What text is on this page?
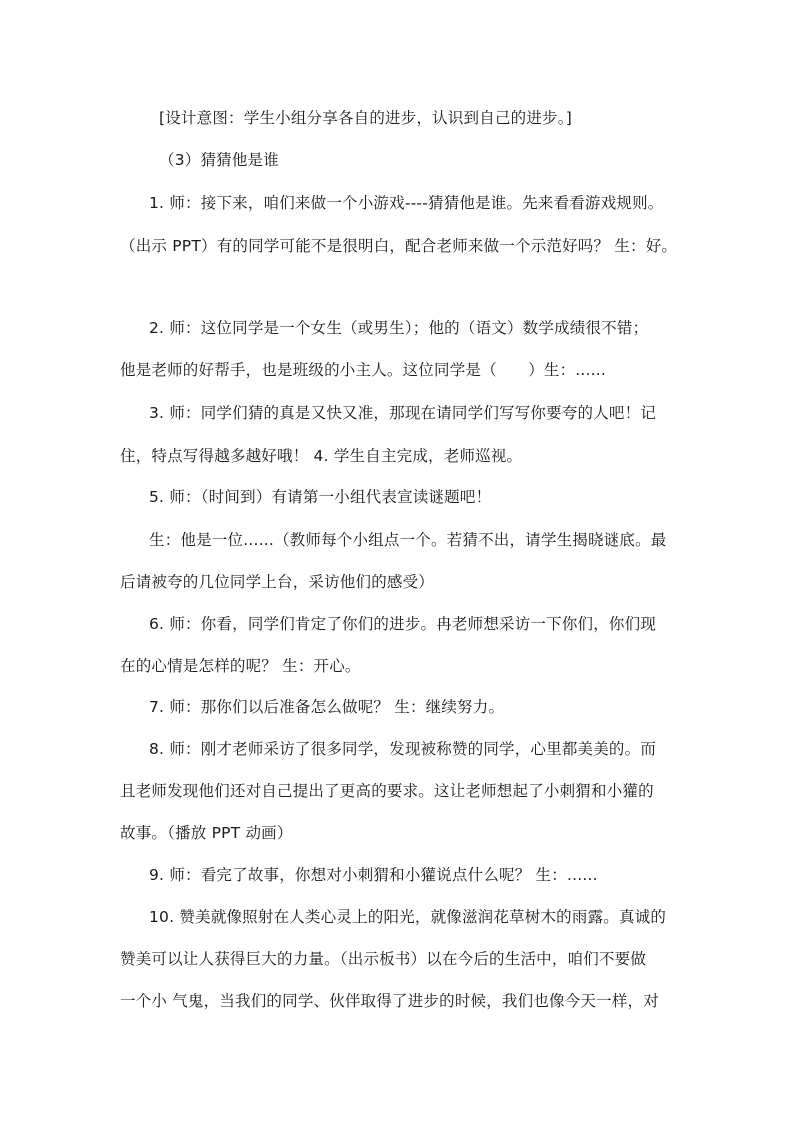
[设计意图：学生小组分享各自的进步，认识到自己的进步。]
（3）猜猜他是谁
1. 师：接下来，咱们来做一个小游戏----猜猜他是谁。先来看看游戏规则。
（出示 PPT）有的同学可能不是很明白，配合老师来做一个示范好吗？ 生：好。
2. 师：这位同学是一个女生（或男生）；他的（语文）数学成绩很不错；
他是老师的好帮手，也是班级的小主人。这位同学是（　　）生：......
3. 师：同学们猜的真是又快又准，那现在请同学们写写你要夸的人吧！记
住，特点写得越多越好哦！ 4. 学生自主完成，老师巡视。
5. 师：（时间到）有请第一小组代表宣读谜题吧！
生：他是一位......（教师每个小组点一个。若猜不出，请学生揭晓谜底。最
后请被夸的几位同学上台，采访他们的感受）
6. 师：你看，同学们肯定了你们的进步。冉老师想采访一下你们，你们现
在的心情是怎样的呢？ 生：开心。
7. 师：那你们以后准备怎么做呢？ 生：继续努力。
8. 师：刚才老师采访了很多同学，发现被称赞的同学，心里都美美的。而
且老师发现他们还对自己提出了更高的要求。这让老师想起了小刺猬和小獾的
故事。（播放 PPT 动画）
9. 师：看完了故事，你想对小刺猬和小獾说点什么呢？ 生：......
10. 赞美就像照射在人类心灵上的阳光，就像滋润花草树木的雨露。真诚的
赞美可以让人获得巨大的力量。（出示板书）以在今后的生活中，咱们不要做
一个小 气鬼，当我们的同学、伙伴取得了进步的时候，我们也像今天一样，对
